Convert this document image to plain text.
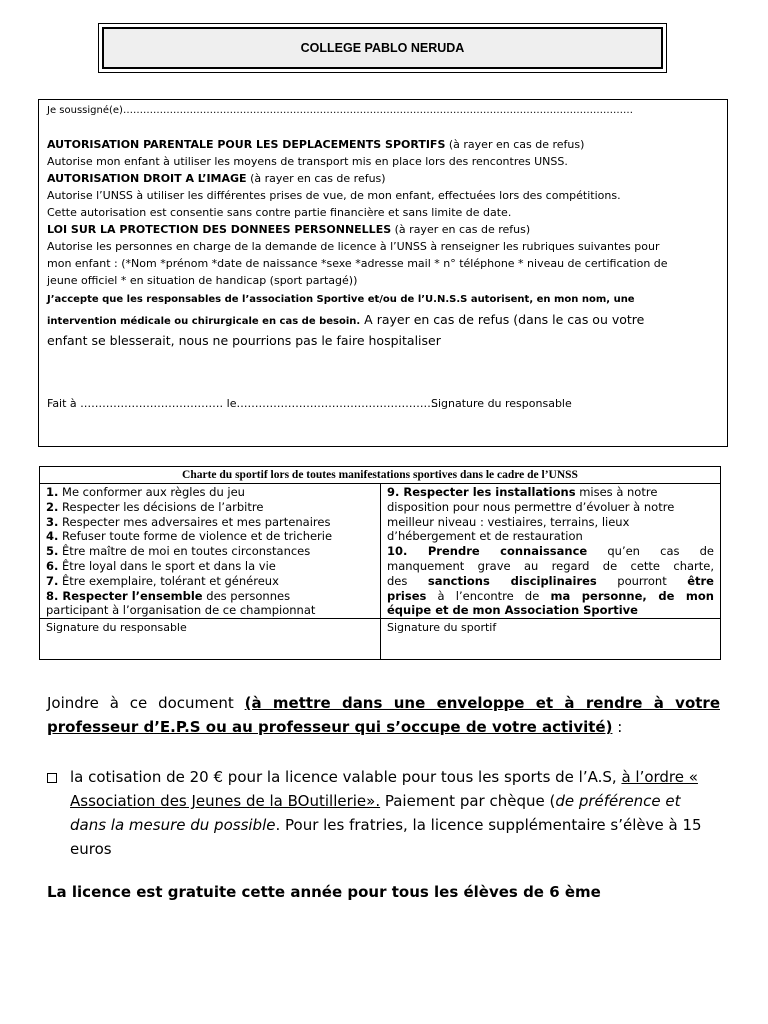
COLLEGE PABLO NERUDA

Je soussigné(e)………………………………………………………………………………………………………………………………………

AUTORISATION PARENTALE POUR LES DEPLACEMENTS SPORTIFS (à rayer en cas de refus)

Autorise mon enfant à utiliser les moyens de transport mis en place lors des rencontres UNSS.

AUTORISATION DROIT A L’IMAGE (à rayer en cas de refus)

Autorise l’UNSS à utiliser les différentes prises de vue, de mon enfant, effectuées lors des compétitions.

Cette autorisation est consentie sans contre partie financière et sans limite de date.

LOI SUR LA PROTECTION DES DONNEES PERSONNELLES (à rayer en cas de refus)

Autorise les personnes en charge de la demande de licence à l’UNSS à renseigner les rubriques suivantes pour

mon enfant : (*Nom *prénom *date de naissance *sexe *adresse mail * n° téléphone * niveau de certification de

jeune officiel * en situation de handicap (sport partagé))

J’accepte que les responsables de l’association Sportive et/ou de l’U.N.S.S autorisent, en mon nom, une

intervention médicale ou chirurgicale en cas de besoin. A rayer en cas de refus (dans le cas ou votre

enfant se blesserait, nous ne pourrions pas le faire hospitaliser

Fait à ………………………………… le……………………………………………….
Signature du responsable
Charte du sportif lors de toutes manifestations sportives dans le cadre de l’UNSS

1. Me conformer aux règles du jeu

2. Respecter les décisions de l’arbitre

3. Respecter mes adversaires et mes partenaires

4. Refuser toute forme de violence et de tricherie

5. Être maître de moi en toutes circonstances

6. Être loyal dans le sport et dans la vie

7. Être exemplaire, tolérant et généreux

8. Respecter l’ensemble des personnes

participant à l’organisation de ce championnat

9. Respecter les installations mises à notre

disposition pour nous permettre d’évoluer à notre

meilleur niveau : vestiaires, terrains, lieux

d’hébergement et de restauration

10. Prendre connaissance qu’en cas de

manquement grave au regard de cette charte,

des sanctions disciplinaires pourront être

prises à l’encontre de ma personne, de mon

équipe et de mon Association Sportive

Signature du responsable	Signature du sportif
Joindre à ce document (à mettre dans une enveloppe et à rendre à votre professeur d’E.P.S ou au professeur qui s’occupe de votre activité) :
la cotisation de 20 € pour la licence valable pour tous les sports de l’A.S, à l’ordre « Association des Jeunes de la BOutillerie». Paiement par chèque (de préférence et dans la mesure du possible. Pour les fratries, la licence supplémentaire s’élève à 15 euros
La licence est gratuite cette année pour tous les élèves de 6 ème
